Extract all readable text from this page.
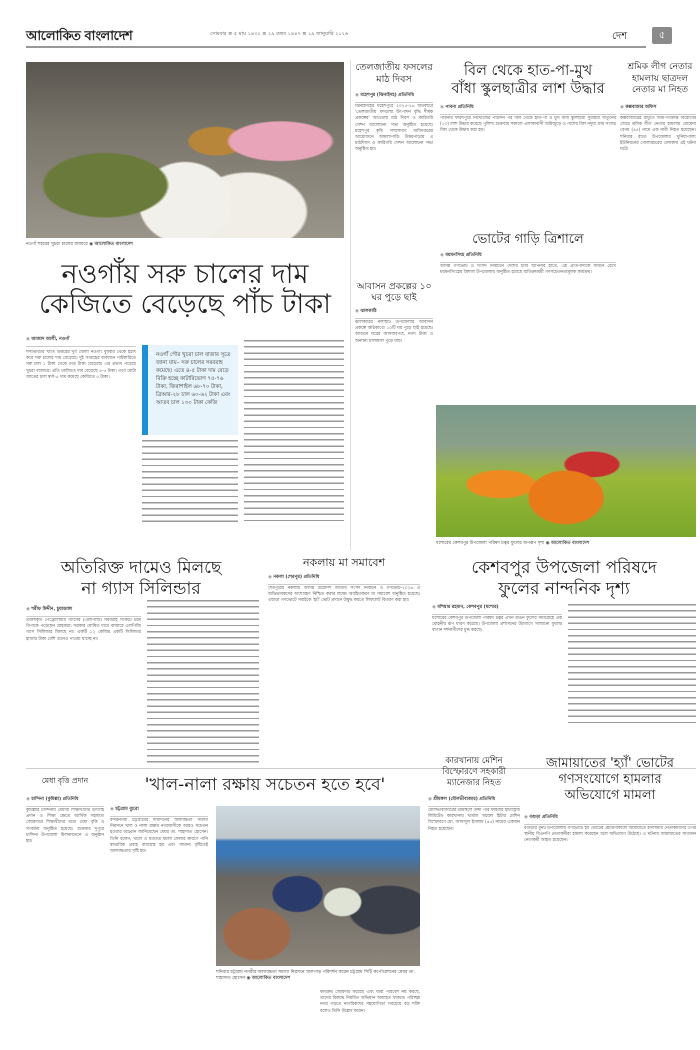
আলোকিত বাংলাদেশ	সোমবার ≡ ৫ মাঘ ১৪৩২ ≡ ২৯ রজব ১৪৪৭ ≡ ১৯ জানুয়ারি ২০২৬	দেশ	৫
নওগাঁ শহরের খুচরা চালের বাজারে ◉ আলোকিত বাংলাদেশ
নওগাঁয় সরু চালের দাম
কেজিতে বেড়েছে পাঁচ টাকা
◉ আজাদ আলী, নওগাঁ
শস্যভাণ্ডার খ্যাত উত্তরের খুব জেলা নওগাঁ। বুধবার থেকে হঠাৎ করে সরু চালের দাম বেড়েছে। দুই সপ্তাহের ব্যবধানে পাইকারিতে সরু চাল ১ টাকা থেকে দেড় টাকা বেড়েছে। এর প্রভাব পড়েছে খুচরা বাজারে। প্রতি কেজিতে দাম বেড়েছে ৪-৫ টাকা। তবে মোটা জাতের চাল স্বর্ণা-৫ দাম কমেছে কেজিতে ৫ টাকা।
❝ নওগাঁ পৌর খুচরা চাল বাজার সূত্রে জানা যায়– সরু চালের সরবরাহ কমেছে। এতে ৪-৫ টাকা দাম বেড়ে বিক্রি হচ্ছে কাটারিভোগ ৭৫-৭৬ টাকা, জিরাশাইল ৬৮-৭০ টাকা, ব্রিআর-২৮ চাল ৬০-৬২ টাকা এবং আতব চাল ১৩০ টাকা কেজি
তেলজাতীয় ফসলের মাঠ দিবস
◉ মহেশপুর (ঝিনাইদহ) প্রতিনিধি
ঝিনাইদহের মহেশপুরে ২০২৫-২৬ অর্থবছরে 'তেলজাতীয় ফসলের উৎপাদন বৃদ্ধি শীর্ষক প্রকল্পের' আওতায় মাঠ দিবস ও কারিগরি সেশন আলোচনা সভা অনুষ্ঠিত হয়েছে। মহেশপুর কৃষি সম্প্রসারণ অধিদপ্তরের আয়োজনে আমলাপাড়ি উত্তরপাড়ায় এ মাঠদিবস ও কারিগরি সেশন আলোচনা সভা অনুষ্ঠিত হয়।
আবাসন প্রকল্পের ১০ ঘর পুড়ে ছাই
◉ ঝালকাঠি
ঝালকাঠির নলছিটি উপজেলার আবাসন প্রকল্পে অগ্নিকাণ্ডে ১০টি ঘর পুড়ে ছাই হয়েছে। আগুনে ঘরের আসবাবপত্র, নগদ টাকা ও অন্যান্য মালামাল পুড়ে যায়।
বিল থেকে হাত-পা-মুখ
বাঁধা স্কুলছাত্রীর লাশ উদ্ধার
◉ পাবনা প্রতিনিধি
পাবনার ফরিদপুরে নিখোঁজের পাঁচদিন পর বিল থেকে হাত-পা ও মুখ বাঁধা স্কুলছাত্রী সুরাইয়া খাতুনের (১৩) লাশ উদ্ধার করেছে পুলিশ। শুক্রবার সকালে এলাকাবাসী জমিজুড়ে ও পাশের বিল নদুয়া গ্রাম সংলগ্ন বিল থেকে উদ্ধার করা হয়।
ভোটের গাড়ি ত্রিশালে
◉ ময়মনসিংহ প্রতিনিধি
আসন্ন গণভোট ও সংসদ নির্বাচনে দেশের চাবি আপনার হাতে, এই প্রতিপাদ্যকে সামনে রেখে ময়মনসিংহের ত্রিশাল উপজেলায় অনুষ্ঠিত হয়েছে ব্যতিক্রমধর্মী গণসচেতনতামূলক কার্যক্রম।
শ্রমিক লীগ নেতার হামলায় ছাত্রদল নেতার মা নিহত
◉ কক্সবাজার অফিস
কক্সবাজারের রামুতে জমি-সংক্রান্ত বিরোধের জেরে শ্রমিক লীগ নেতার হামলায় মোমেনা বেগম (৪৫) নামে এক নারী নিহত হয়েছেন। শনিবার রাতে উপজেলার খুনিয়াপালং ইউনিয়নের গোলারচরের এলাকায় এই ঘটনা ঘটে।
যশোরের কেশবপুর উপজেলা পরিষদ চত্বর ফুলের অপরূপ দৃশ্য ◉ আলোকিত বাংলাদেশ
অতিরিক্ত দামেও মিলছে
না গ্যাস সিলিন্ডার
◉ শরীফ উদ্দীন, চুয়াডাঙ্গা
তরলীকৃত পেট্রোলিয়াম গ্যাসের (এলপিজি) সরবরাহ সংকটে চরম বিপাকে পড়েছেন গ্রাহকরা। সরকার ঘোষিত দামে বাজারে এলপিজি গ্যাস সিলিন্ডার মিলছে না। একটি ১২ কেজির একটি সিলিন্ডার হাজার টাকা বেশি গুনেও পাওয়া যাচ্ছে না।
নকলায় মা সমাবেশ
◉ নকলা (শেরপুর) প্রতিনিধি
শেরপুরের নকলায় আসন্ন ত্রয়োদশ জাতীয় সংসদ নির্বাচন ও গণভোট-২০২৬ এ অভিভাবকদের অংশগ্রহণ নিশ্চিত করার লক্ষ্যে অবহিতকরণ মা সমাবেশ অনুষ্ঠিত হয়েছে। এছাড়া গণভোটে সবাইকে 'হ্যাঁ' ভোট প্রদানে উদ্বুদ্ধ করতে লিফলেট বিতরণ করা হয়।
কেশবপুর উপজেলা পরিষদে
ফুলের নান্দনিক দৃশ্য
◉ মশিয়ার রহমান, কেশবপুর (যশোর)
যশোরের কেশবপুর উপজেলা পরিষদ চত্বর এখন রঙিন ফুলের সমারোহে এক মোহনীয় রূপ ধারণ করেছে। উপজেলা প্রশাসনের উদ্যোগে সাজানো ফুলের বাগান দর্শনার্থীদের মুগ্ধ করছে।
মেধা বৃত্তি প্রদান
◉ চান্দিনা (কুমিল্লা) প্রতিনিধি
কুমিল্লার চান্দিনায় মেধাবী শিক্ষার্থীদের উৎসাহ প্রদান ও শিক্ষা ক্ষেত্রে আর্থিক সহায়তা জোরদারে শিক্ষার্থীদের মধ্যে মেধা বৃত্তি ও সংবর্ধনা অনুষ্ঠিত হয়েছে। শুক্রবার দুপুরে চান্দিনা উপজেলা মিলনায়তনে এ অনুষ্ঠান হয়।
'খাল-নালা রক্ষায় সচেতন হতে হবে'
◉ চট্টগ্রাম ব্যুরো
বন্দরনগরী চট্টগ্রামের দীর্ঘদিনের জলাবদ্ধতা সমস্যা নিরসনে খাল ও নালা রক্ষায় নগরবাসীকে আরও সচেতন হওয়ার আহ্বান জানিয়েছেন মেয়র ডা. শাহাদাত হোসেন। তিনি বলেন, খালে ও যত্রতত্র ময়লা ফেলার কারণে পানি স্বাভাবিক প্রবাহ বাধাগ্রস্ত হয় এবং সামান্য বৃষ্টিতেই জলাবদ্ধতার সৃষ্টি হয়।
শনিবার চট্টগ্রাম নগরীর জলাবদ্ধতা সমস্যা নিরসনে খালপাড় পরিদর্শন করেন চট্টগ্রাম সিটি কর্পোরেশনের মেয়র ডা. শাহাদাত হোসেন ◉ আলোকিত বাংলাদেশ
কার্যক্রম জোরদার করেছে এবং যারা পরিবেশ নষ্ট করছে, তাদের বিরুদ্ধে নিয়মিত অভিযান অব্যাহত থাকবে। পরিচ্ছন্ন নগর গড়তে নাগরিকদের সহযোগিতা সবচেয়ে বড় শক্তি বলেও তিনি উল্লেখ করেন।
কারখানায় মেশিন বিস্ফোরণে সহকারী ম্যানেজার নিহত
◉ শ্রীমঙ্গল (মৌলভীবাজার) প্রতিনিধি
মৌলভীবাজারের শ্রীমঙ্গলে ডন্সী পরি ফাইবার ইন্ডাস্ট্রিজ লিমিটেড কারখানায় খার্মাল অয়েল হিটার মেশিন বিস্ফোরণে মো. আসাদুল ইসলাম (৪৫) নামের একজন নিহত হয়েছেন।
জামায়াতের 'হ্যাঁ' ভোটের
গণসংযোগে হামলার
অভিযোগে মামলা
◉ বগুড়া প্রতিনিধি
বগুড়ার ধুনট উপজেলায় গণভোটে হ্যাঁ ভোটের প্রচারণাকালে জামায়াতে ইসলামীর নেতাকর্মীদের ওপর স্থানীয় বিএনপি নেতাকর্মীরা হামলা করেছেন বলে অভিযোগ উঠেছে। এ ঘটনায় জামায়াতের সাতজন নেতাকর্মী আহত হয়েছেন।
